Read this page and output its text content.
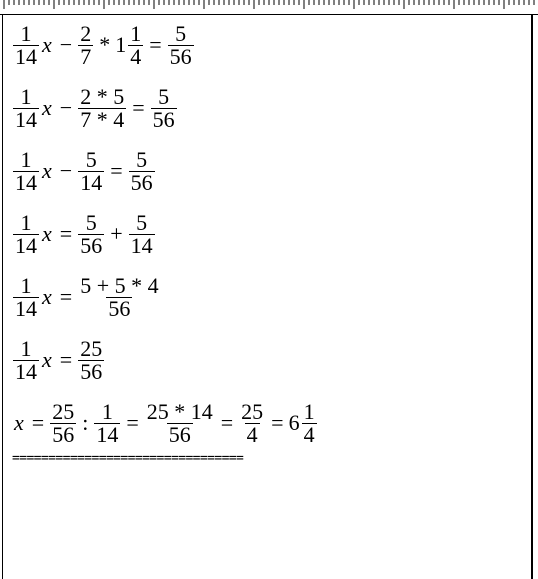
$\frac{1}{14}$ $x - \frac{2}{7} * 1 \frac{1}{4} = \frac{5}{56}$
$\frac{1}{14}$ $x - \frac{2 * 5}{7 * 4} = \frac{5}{56}$
$\frac{1}{14}$ $x - \frac{5}{14} = \frac{5}{56}$
$\frac{1}{14}$ $x = \frac{5}{56} + \frac{5}{14}$
$\frac{1}{14}$ $x = \frac{5 + 5 * 4}{56}$
$\frac{1}{14}$ $x = \frac{25}{56}$
$x = \frac{25}{56}$ : $\frac{1}{14} = \frac{25 * 14}{56} = \frac{25}{4} = 6 \frac{1}{4}$
================================
